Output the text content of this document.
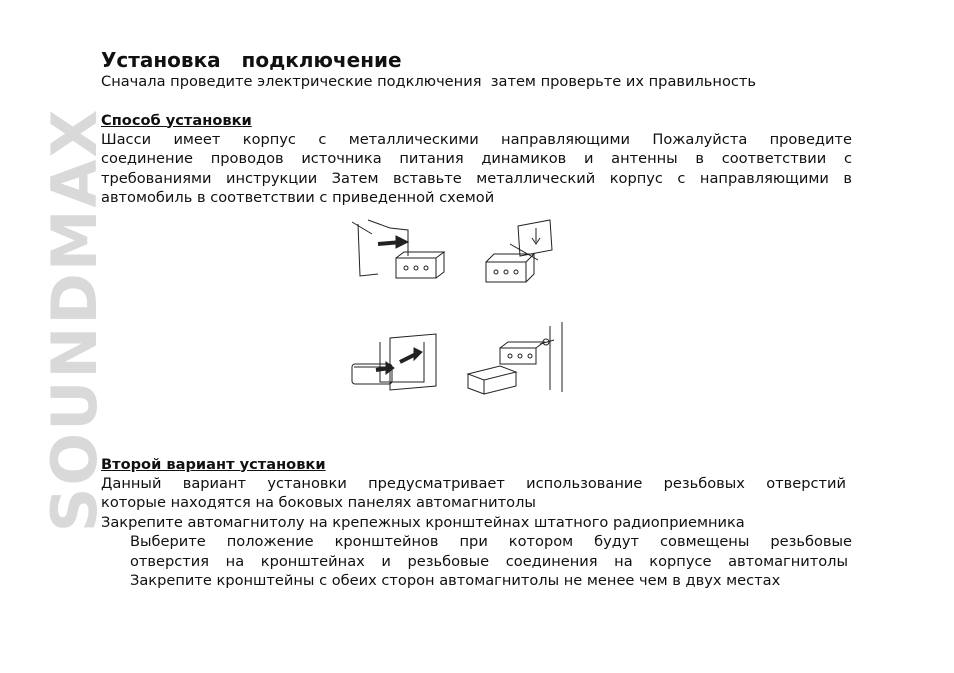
SOUNDMAX
Установка   подключение

Сначала проведите электрические подключения  затем проверьте их правильность

Способ установки

Шасси имеет корпус с металлическими направляющими Пожалуйста проведите

соединение проводов источника питания динамиков и антенны в соответствии с

требованиями инструкции Затем вставьте металлический корпус с направляющими в

автомобиль в соответствии с приведенной схемой

Второй вариант установки

Данный вариант установки предусматривает использование резьбовых отверстий

которые находятся на боковых панелях автомагнитолы

Закрепите автомагнитолу на крепежных кронштейнах штатного радиоприемника

Выберите положение кронштейнов при котором будут совмещены резьбовые

отверстия на кронштейнах и резьбовые соединения на корпусе автомагнитолы

Закрепите кронштейны с обеих сторон автомагнитолы не менее чем в двух местах
